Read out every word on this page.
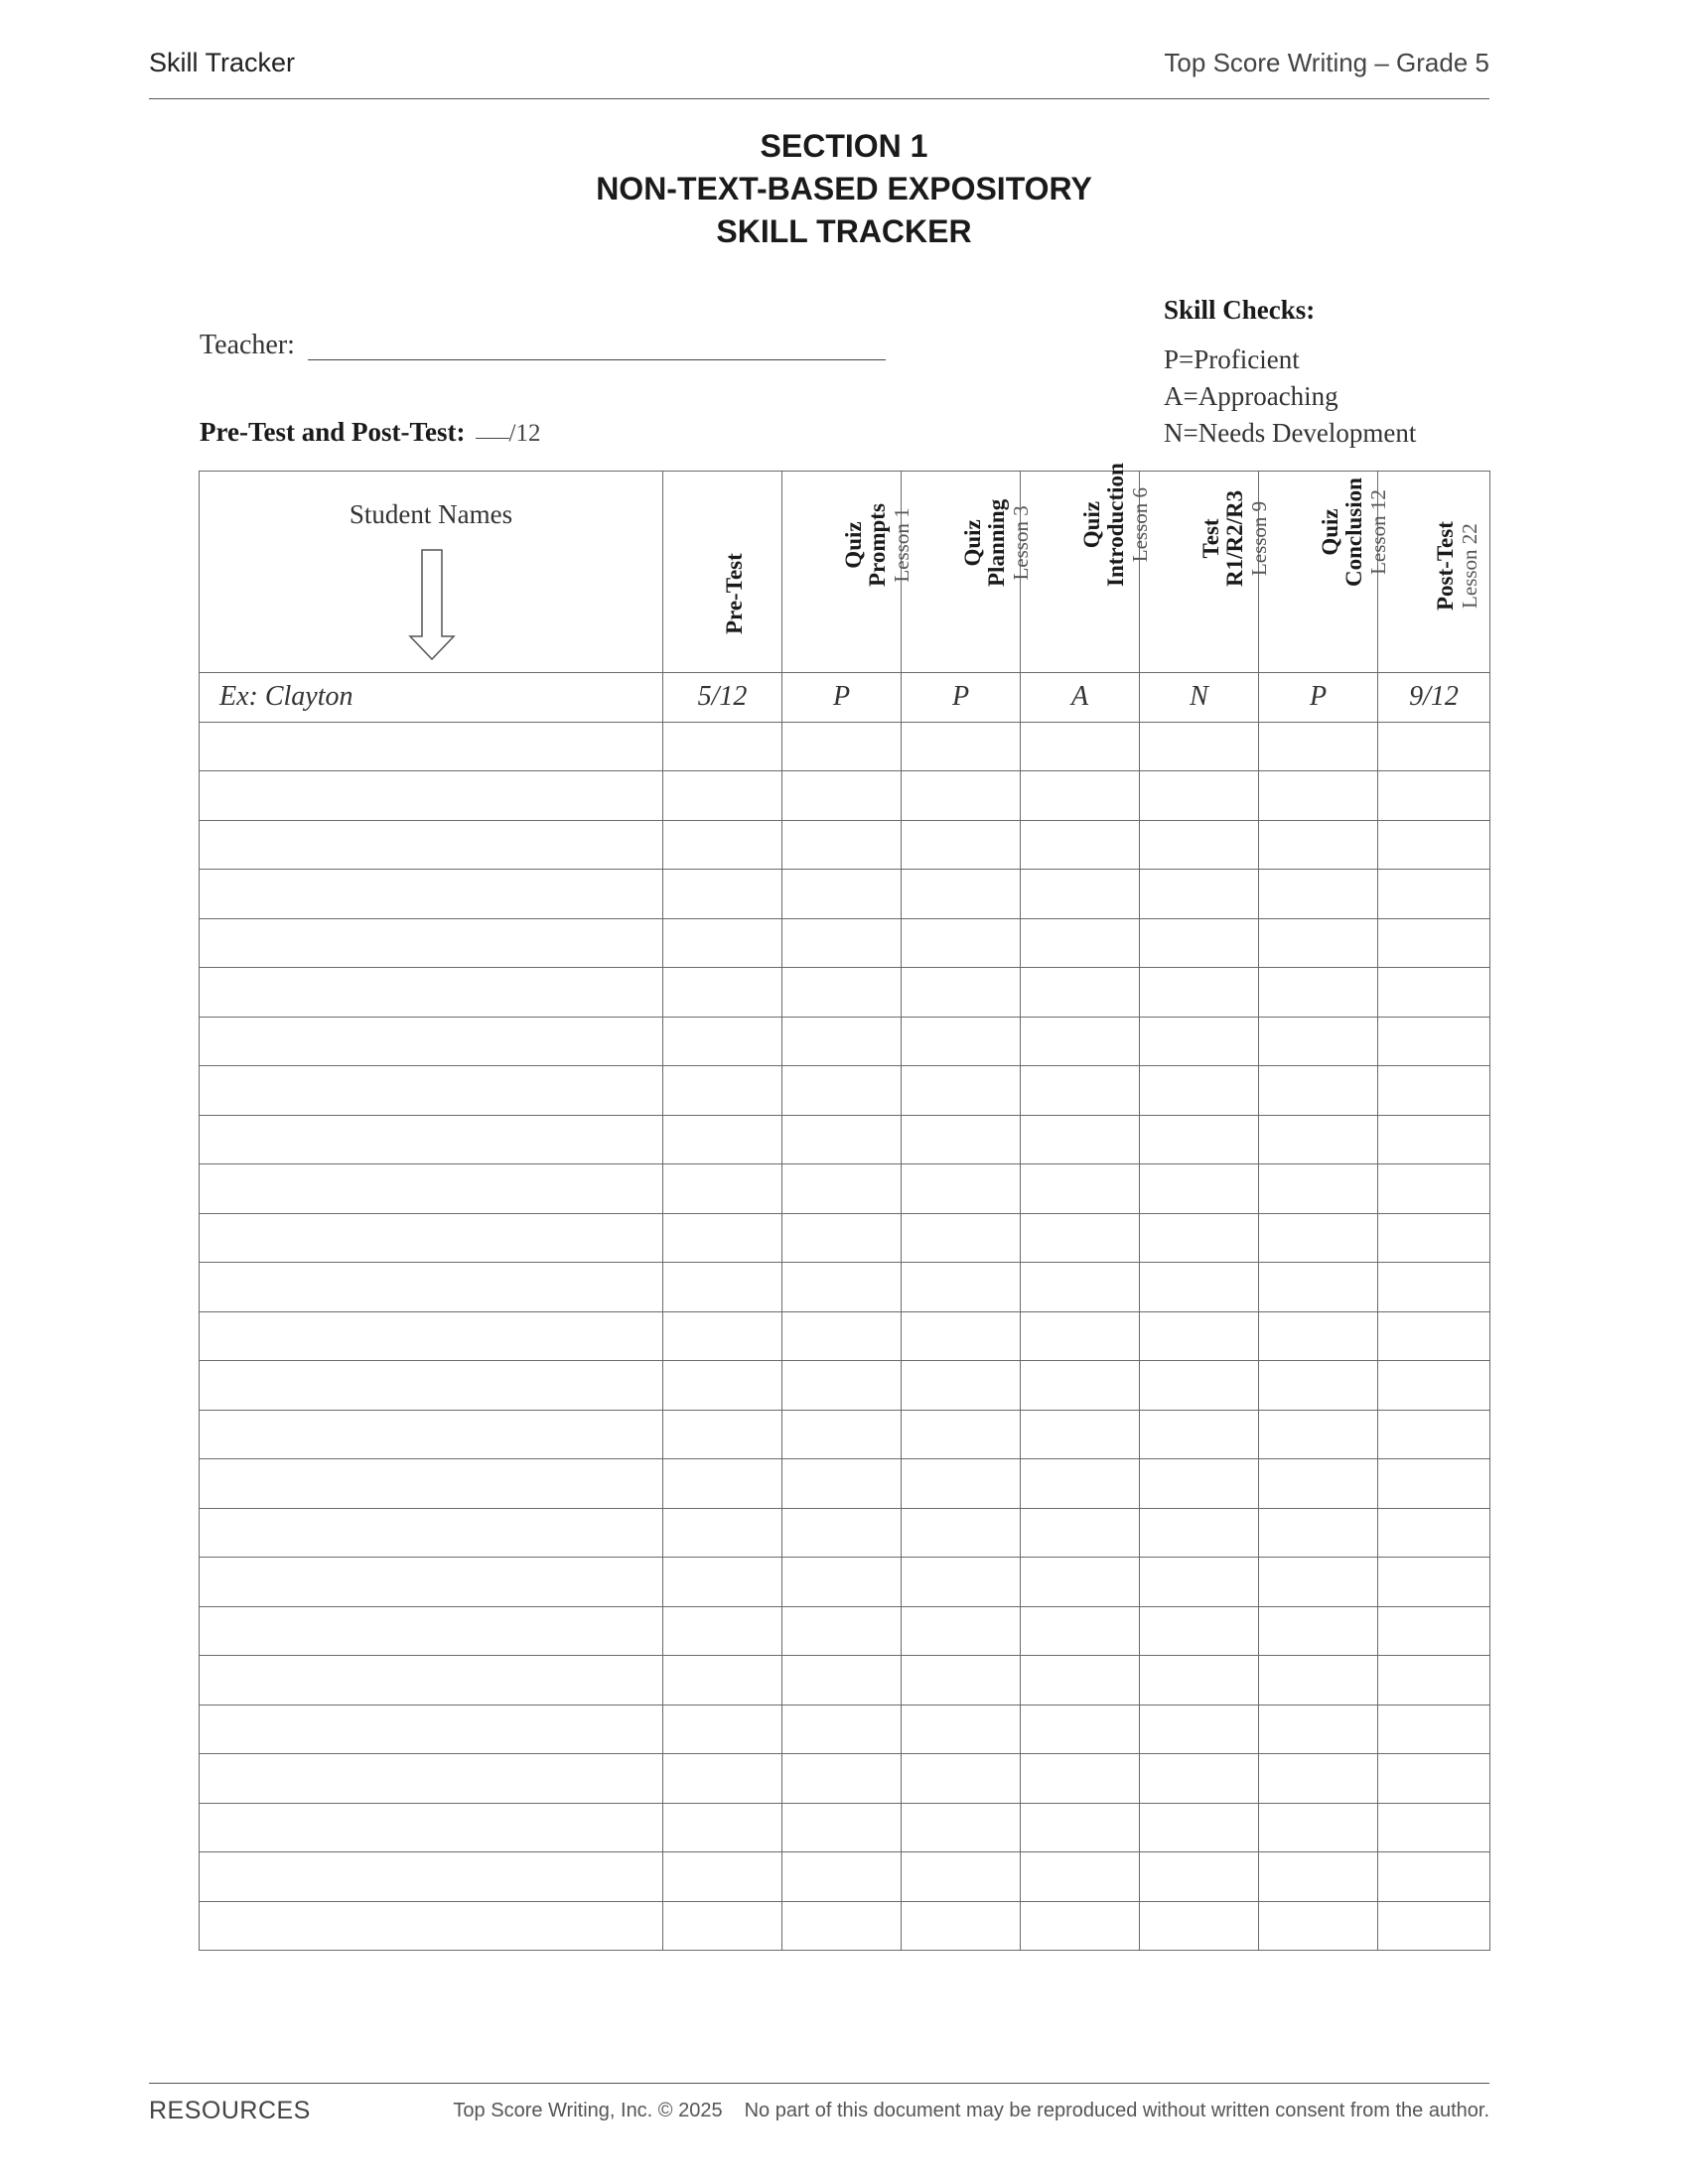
Skill Tracker	Top Score Writing – Grade 5
SECTION 1
NON-TEXT-BASED EXPOSITORY
SKILL TRACKER
Teacher:
Pre-Test and Post-Test: /12
Skill Checks:
P=Proficient
A=Approaching
N=Needs Development
Student Names	Pre-Test	Quiz Prompts Lesson 1	Quiz Planning Lesson 3	Quiz Introduction Lesson 6	Test R1/R2/R3 Lesson 9	Quiz Conclusion Lesson 12	Post-Test Lesson 22

Ex: Clayton	5/12	P	P	A	N	P	9/12

RESOURCES	Top Score Writing, Inc. © 2025 No part of this document may be reproduced without written consent from the author.
